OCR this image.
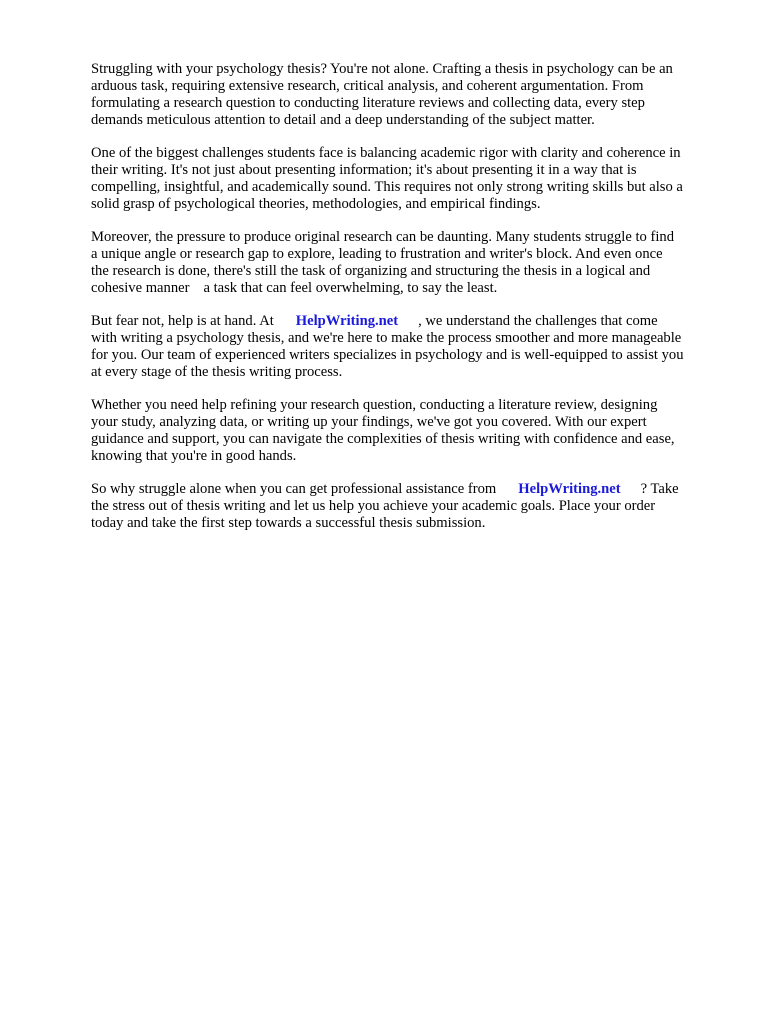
Struggling with your psychology thesis? You're not alone. Crafting a thesis in psychology can be an
arduous task, requiring extensive research, critical analysis, and coherent argumentation. From
formulating a research question to conducting literature reviews and collecting data, every step
demands meticulous attention to detail and a deep understanding of the subject matter.

One of the biggest challenges students face is balancing academic rigor with clarity and coherence in
their writing. It's not just about presenting information; it's about presenting it in a way that is
compelling, insightful, and academically sound. This requires not only strong writing skills but also a
solid grasp of psychological theories, methodologies, and empirical findings.

Moreover, the pressure to produce original research can be daunting. Many students struggle to find
a unique angle or research gap to explore, leading to frustration and writer's block. And even once
the research is done, there's still the task of organizing and structuring the thesis in a logical and
cohesive manner a task that can feel overwhelming, to say the least.

But fear not, help is at hand. At HelpWriting.net , we understand the challenges that come
with writing a psychology thesis, and we're here to make the process smoother and more manageable
for you. Our team of experienced writers specializes in psychology and is well-equipped to assist you
at every stage of the thesis writing process.

Whether you need help refining your research question, conducting a literature review, designing
your study, analyzing data, or writing up your findings, we've got you covered. With our expert
guidance and support, you can navigate the complexities of thesis writing with confidence and ease,
knowing that you're in good hands.

So why struggle alone when you can get professional assistance from HelpWriting.net ? Take
the stress out of thesis writing and let us help you achieve your academic goals. Place your order
today and take the first step towards a successful thesis submission.
